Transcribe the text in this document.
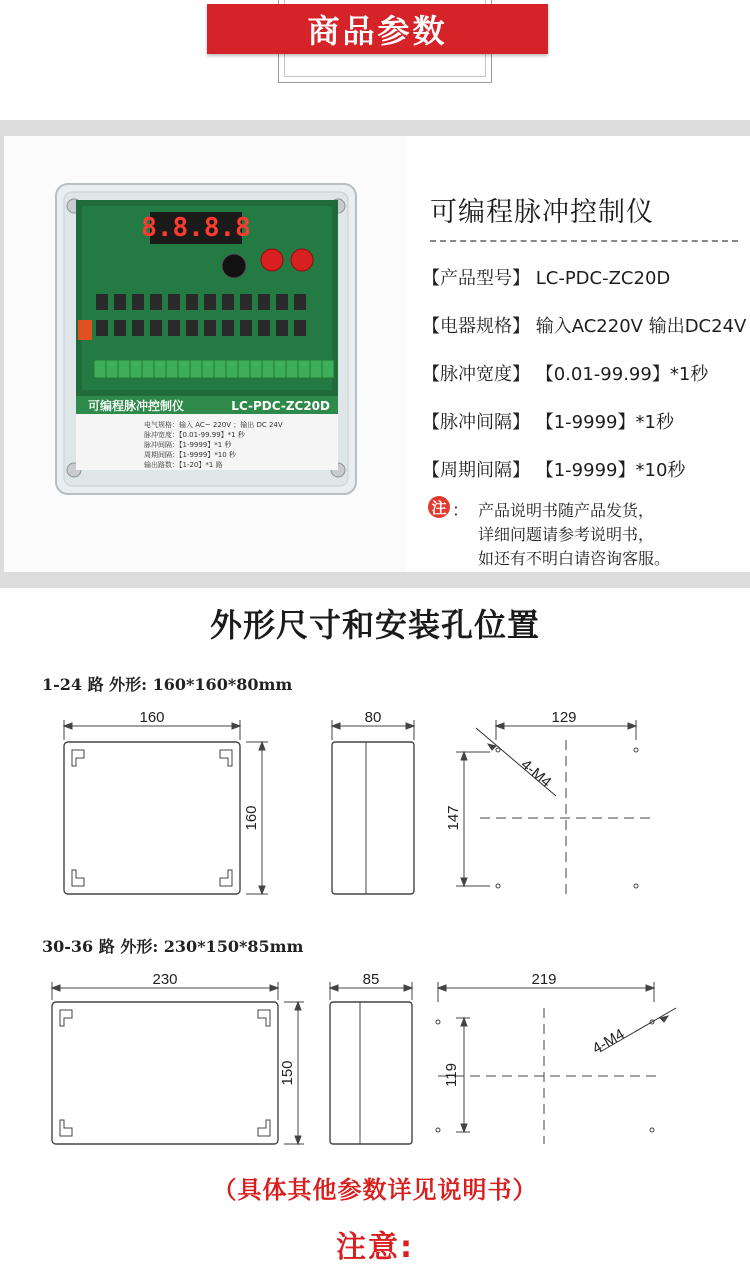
商品参数
8.8.8.8
可编程脉冲控制仪	LC-PDC-ZC20D
电气规格：输入 AC~ 220V ；输出 DC 24V
脉冲宽度：【0.01-99.99】*1 秒
脉冲间隔：【1-9999】*1 秒
周期间隔：【1-9999】*10 秒
输出路数：【1-20】*1 路
可编程脉冲控制仪
【产品型号】 LC-PDC-ZC20D
【电器规格】 输入AC220V 输出DC24V
【脉冲宽度】 【0.01-99.99】*1秒
【脉冲间隔】 【1-9999】*1秒
【周期间隔】 【1-9999】*10秒
注 ： 产品说明书随产品发货，
详细问题请参考说明书，
如还有不明白请咨询客服。
外形尺寸和安装孔位置
1-24 路 外形: 160*160*80mm
30-36 路 外形: 230*150*85mm
160
160
80	129
147
4-M4
230
150
85	219
119
4-M4
（具体其他参数详见说明书）
注意:
